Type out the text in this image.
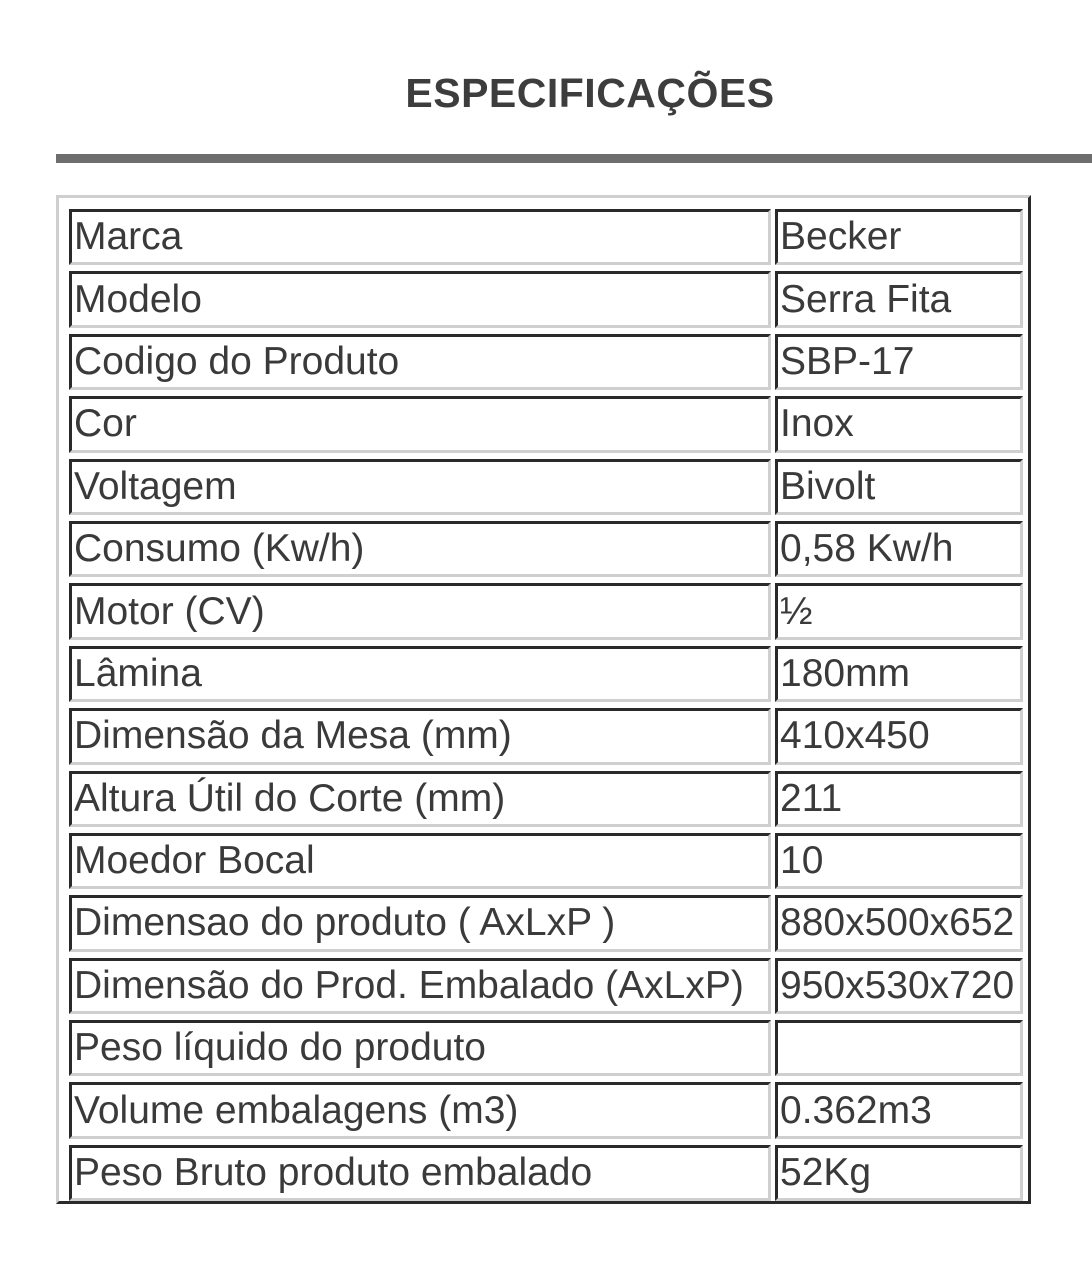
ESPECIFICAÇÕES
Marca	Becker
Modelo	Serra Fita
Codigo do Produto	SBP-17
Cor	Inox
Voltagem	Bivolt
Consumo (Kw/h)	0,58 Kw/h
Motor (CV)	½
Lâmina	180mm
Dimensão da Mesa (mm)	410x450
Altura Útil do Corte (mm)	211
Moedor Bocal	10
Dimensao do produto ( AxLxP )	880x500x652
Dimensão do Prod. Embalado (AxLxP)	950x530x720
Peso líquido do produto	
Volume embalagens (m3)	0.362m3
Peso Bruto produto embalado	52Kg
